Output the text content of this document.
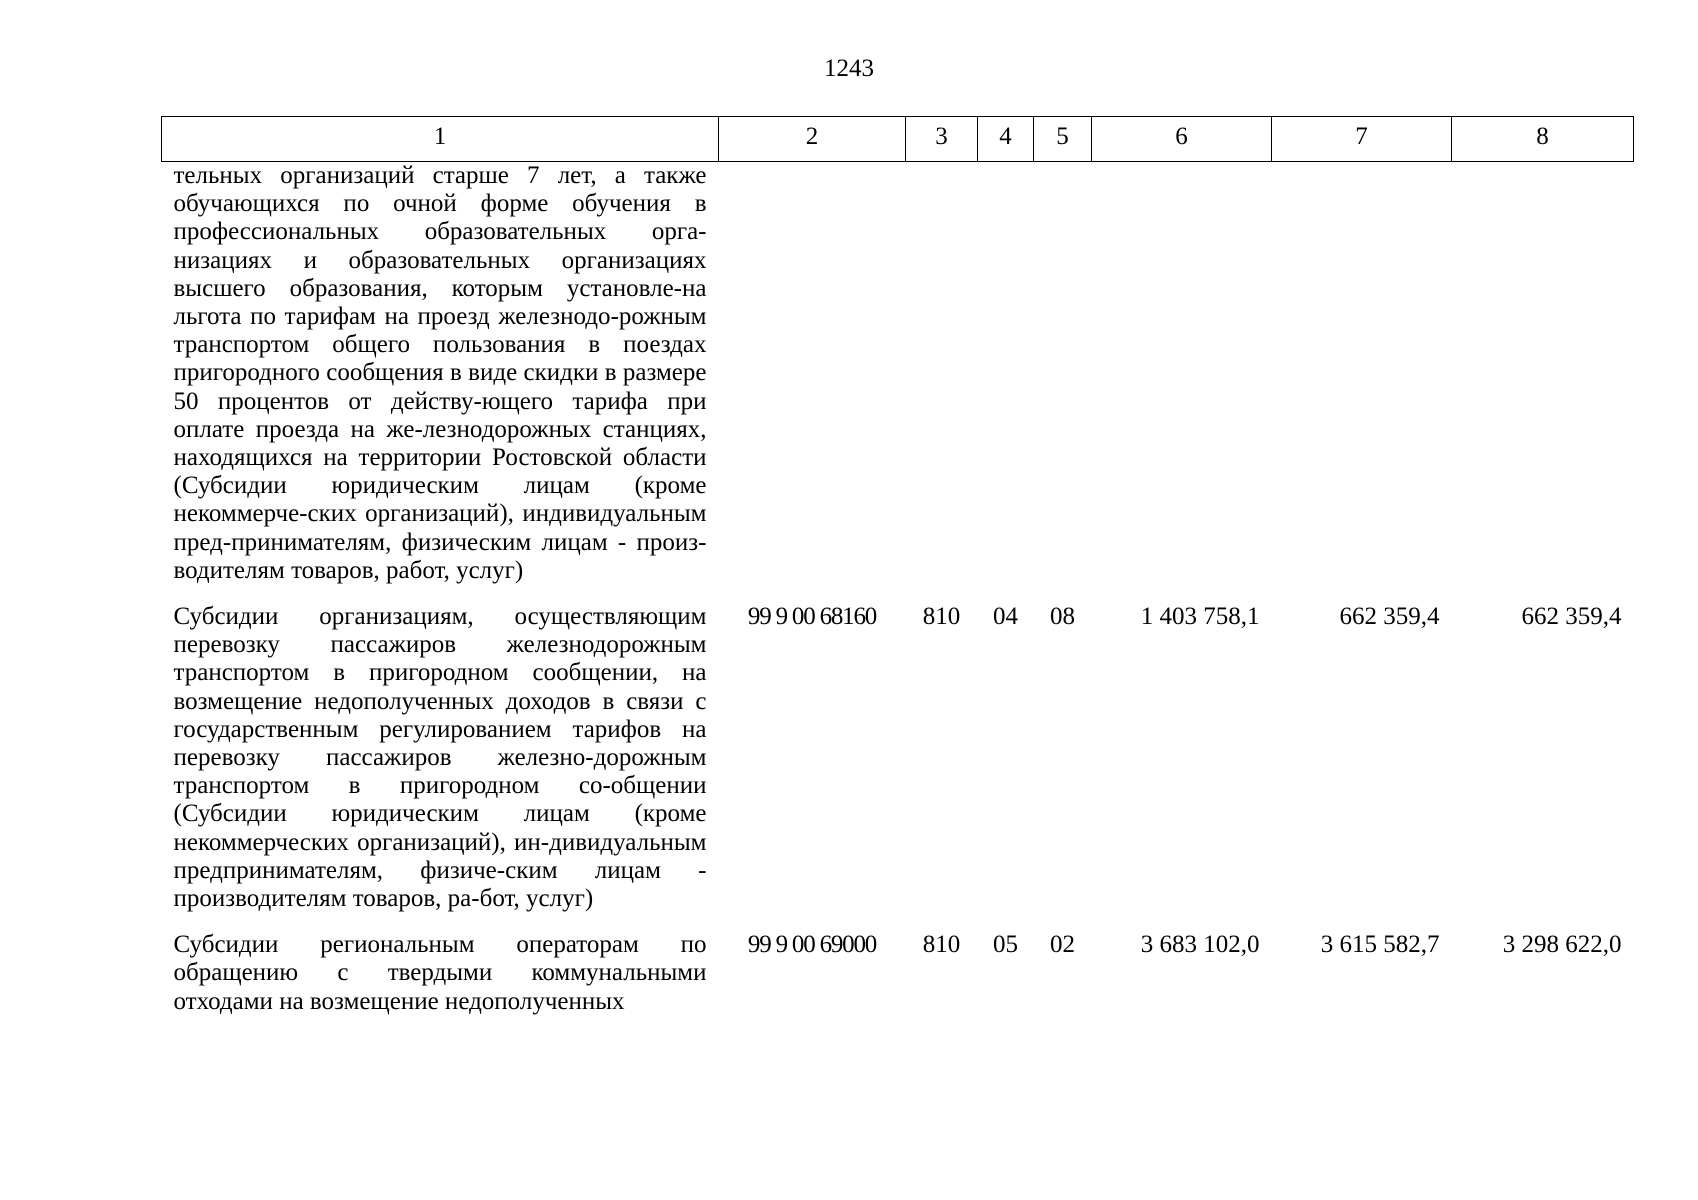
1243
1	2	3	4	5	6	7	8
тельных организаций старше 7 лет, а также обучающихся по очной форме обучения в профессиональных образовательных орга-низациях и образовательных организациях высшего образования, которым установле-на льгота по тарифам на проезд железнодо-рожным транспортом общего пользования в поездах пригородного сообщения в виде скидки в размере 50 процентов от действу-ющего тарифа при оплате проезда на же-лезнодорожных станциях, находящихся на территории Ростовской области (Субсидии юридическим лицам (кроме некоммерче-ских организаций), индивидуальным пред-принимателям, физическим лицам - произ-водителям товаров, работ, услуг)							
Субсидии организациям, осуществляющим перевозку пассажиров железнодорожным транспортом в пригородном сообщении, на возмещение недополученных доходов в связи с государственным регулированием тарифов на перевозку пассажиров железно-дорожным транспортом в пригородном со-общении (Субсидии юридическим лицам (кроме некоммерческих организаций), ин-дивидуальным предпринимателям, физиче-ским лицам - производителям товаров, ра-бот, услуг)	99 9 00 68160	810	04	08	1 403 758,1	662 359,4	662 359,4
Субсидии региональным операторам по обращению с твердыми коммунальными отходами на возмещение недополученных	99 9 00 69000	810	05	02	3 683 102,0	3 615 582,7	3 298 622,0
